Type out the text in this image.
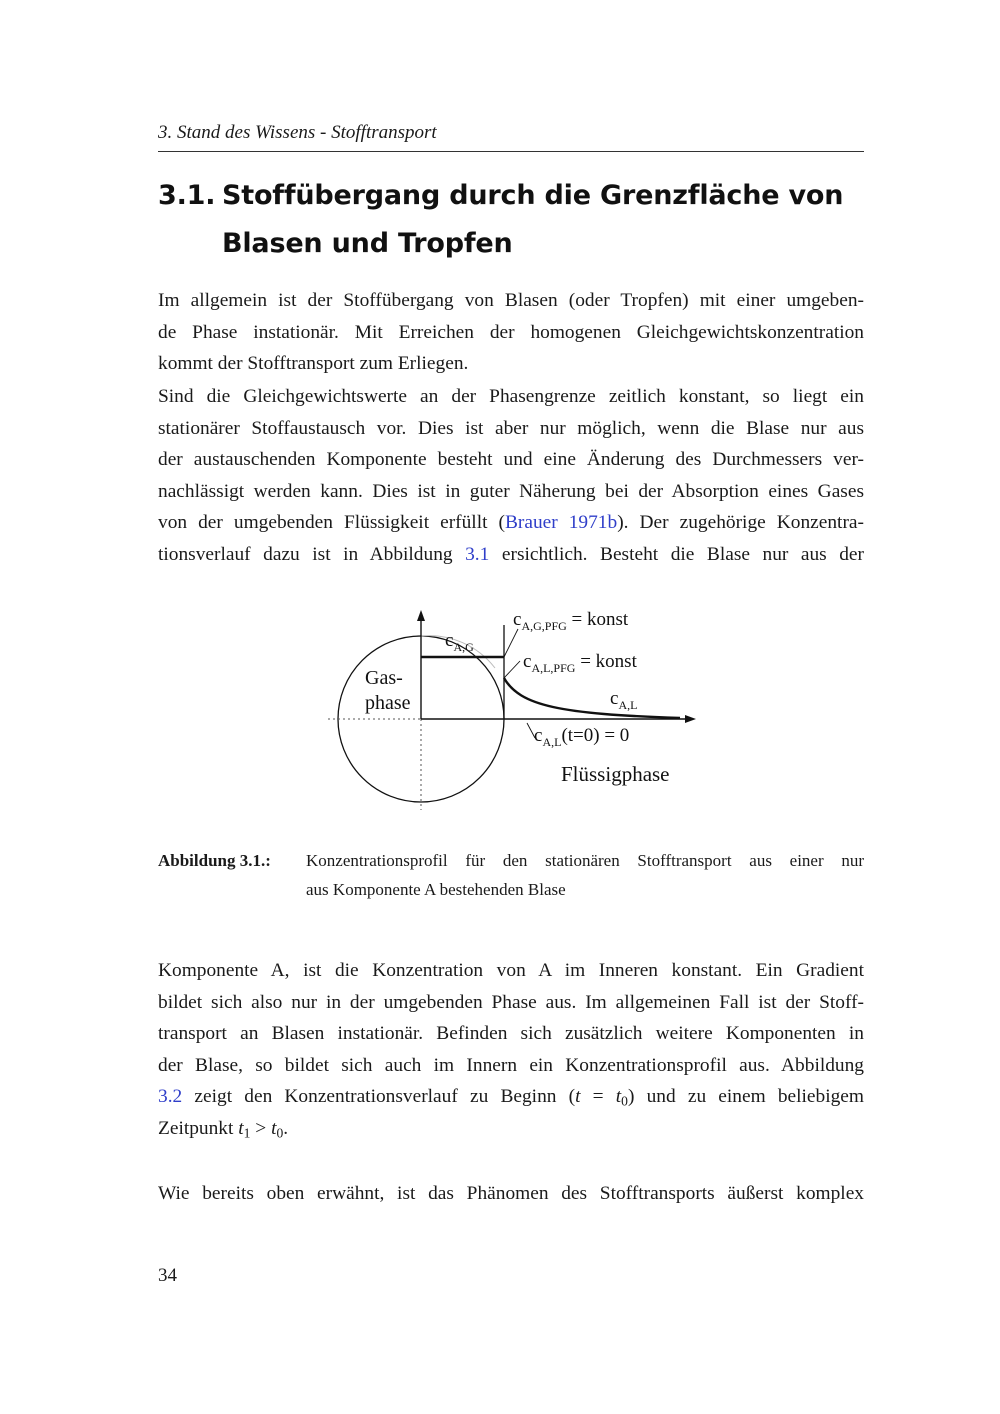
3. Stand des Wissens - Stofftransport
3.1. Stoffübergang durch die Grenzfläche von Blasen und Tropfen
Im allgemein ist der Stoffübergang von Blasen (oder Tropfen) mit einer umgeben-
de Phase instationär. Mit Erreichen der homogenen Gleichgewichtskonzentration
kommt der Stofftransport zum Erliegen.
Sind die Gleichgewichtswerte an der Phasengrenze zeitlich konstant, so liegt ein
stationärer Stoffaustausch vor. Dies ist aber nur möglich, wenn die Blase nur aus
der austauschenden Komponente besteht und eine Änderung des Durchmessers ver-
nachlässigt werden kann. Dies ist in guter Näherung bei der Absorption eines Gases
von der umgebenden Flüssigkeit erfüllt (Brauer 1971b). Der zugehörige Konzentra-
tionsverlauf dazu ist in Abbildung 3.1 ersichtlich. Besteht die Blase nur aus der
Gas-
phase
$c_{A,G}$
$c_{A,G,PFG}$ = konst
$c_{A,L,PFG}$ = konst
$c_{A,L}$
$c_{A,L}(t=0) = 0$
Flüssigphase
Abbildung 3.1.: Konzentrationsprofil für den stationären Stofftransport aus einer nur
aus Komponente A bestehenden Blase
Komponente A, ist die Konzentration von A im Inneren konstant. Ein Gradient
bildet sich also nur in der umgebenden Phase aus. Im allgemeinen Fall ist der Stoff-
transport an Blasen instationär. Befinden sich zusätzlich weitere Komponenten in
der Blase, so bildet sich auch im Innern ein Konzentrationsprofil aus. Abbildung
3.2 zeigt den Konzentrationsverlauf zu Beginn $(t = t_0)$ und zu einem beliebigem
Zeitpunkt $t_1 > t_0$.
Wie bereits oben erwähnt, ist das Phänomen des Stofftransports äußerst komplex
34
